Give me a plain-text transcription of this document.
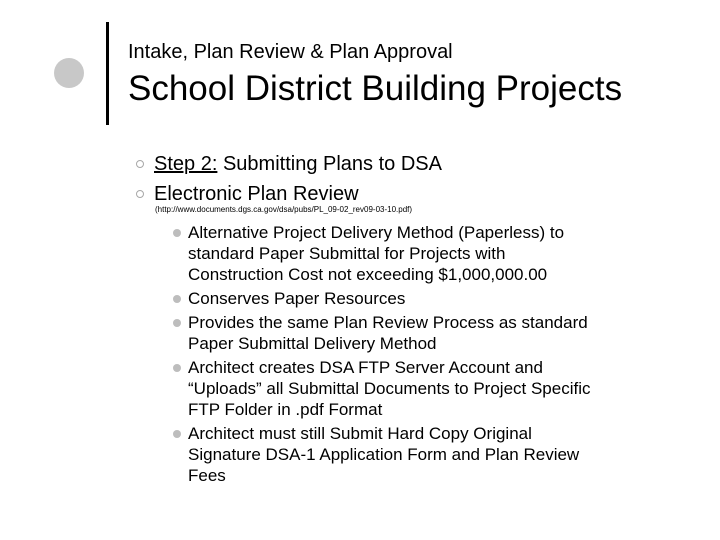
Intake, Plan Review & Plan Approval
School District Building Projects
Step 2: Submitting Plans to DSA
Electronic Plan Review
(http://www.documents.dgs.ca.gov/dsa/pubs/PL_09-02_rev09-03-10.pdf)
Alternative Project Delivery Method (Paperless) to
standard Paper Submittal for Projects with
Construction Cost not exceeding $1,000,000.00
Conserves Paper Resources
Provides the same Plan Review Process as standard
Paper Submittal Delivery Method
Architect creates DSA FTP Server Account and
“Uploads” all Submittal Documents to Project Specific
FTP Folder in .pdf Format
Architect must still Submit Hard Copy Original
Signature DSA-1 Application Form and Plan Review
Fees
